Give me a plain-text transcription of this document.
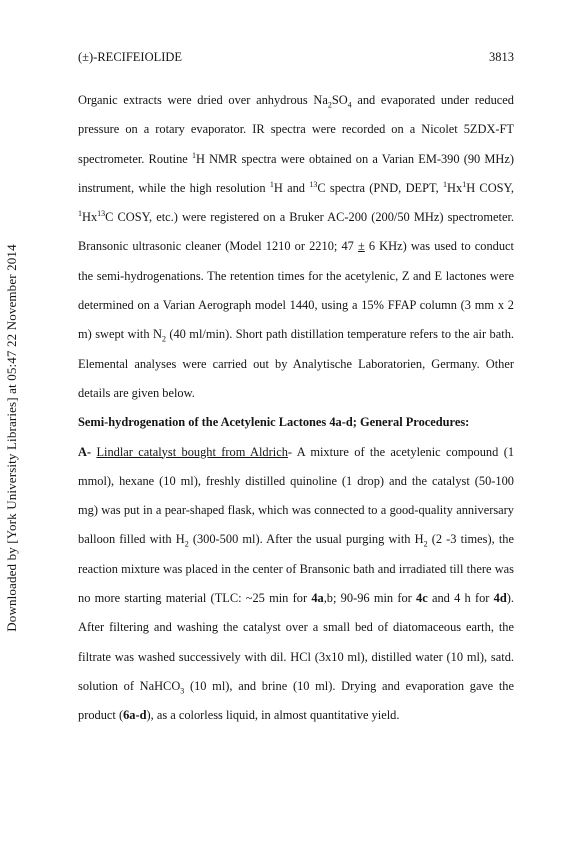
(±)-RECIFEIOLIDE	3813
Downloaded by [York University Libraries] at 05:47 22 November 2014

Organic extracts were dried over anhydrous $Na_2SO_4$ and evaporated under reduced pressure on a rotary evaporator. IR spectra were recorded on a Nicolet 5ZDX-FT spectrometer. Routine $^1$H NMR spectra were obtained on a Varian EM-390 (90 MHz) instrument, while the high resolution $^1$H and $^{13}$C spectra (PND, DEPT, $^1$Hx$^1$H COSY, $^1$Hx$^{13}$C COSY, etc.) were registered on a Bruker AC-200 (200/50 MHz) spectrometer. Bransonic ultrasonic cleaner (Model 1210 or 2210; 47 ± 6 KHz) was used to conduct the semi-hydrogenations. The retention times for the acetylenic, Z and E lactones were determined on a Varian Aerograph model 1440, using a 15% FFAP column (3 mm x 2 m) swept with $N_2$ (40 ml/min). Short path distillation temperature refers to the air bath. Elemental analyses were carried out by Analytische Laboratorien, Germany. Other details are given below.

Semi-hydrogenation of the Acetylenic Lactones 4a-d; General Procedures:

A- Lindlar catalyst bought from Aldrich- A mixture of the acetylenic compound (1 mmol), hexane (10 ml), freshly distilled quinoline (1 drop) and the catalyst (50-100 mg) was put in a pear-shaped flask, which was connected to a good-quality anniversary balloon filled with $H_2$ (300-500 ml). After the usual purging with $H_2$ (2 -3 times), the reaction mixture was placed in the center of Bransonic bath and irradiated till there was no more starting material (TLC: ~25 min for 4a,b; 90-96 min for 4c and 4 h for 4d). After filtering and washing the catalyst over a small bed of diatomaceous earth, the filtrate was washed successively with dil. HCl (3x10 ml), distilled water (10 ml), satd. solution of NaHCO$_3$ (10 ml), and brine (10 ml). Drying and evaporation gave the product (6a-d), as a colorless liquid, in almost quantitative yield.
